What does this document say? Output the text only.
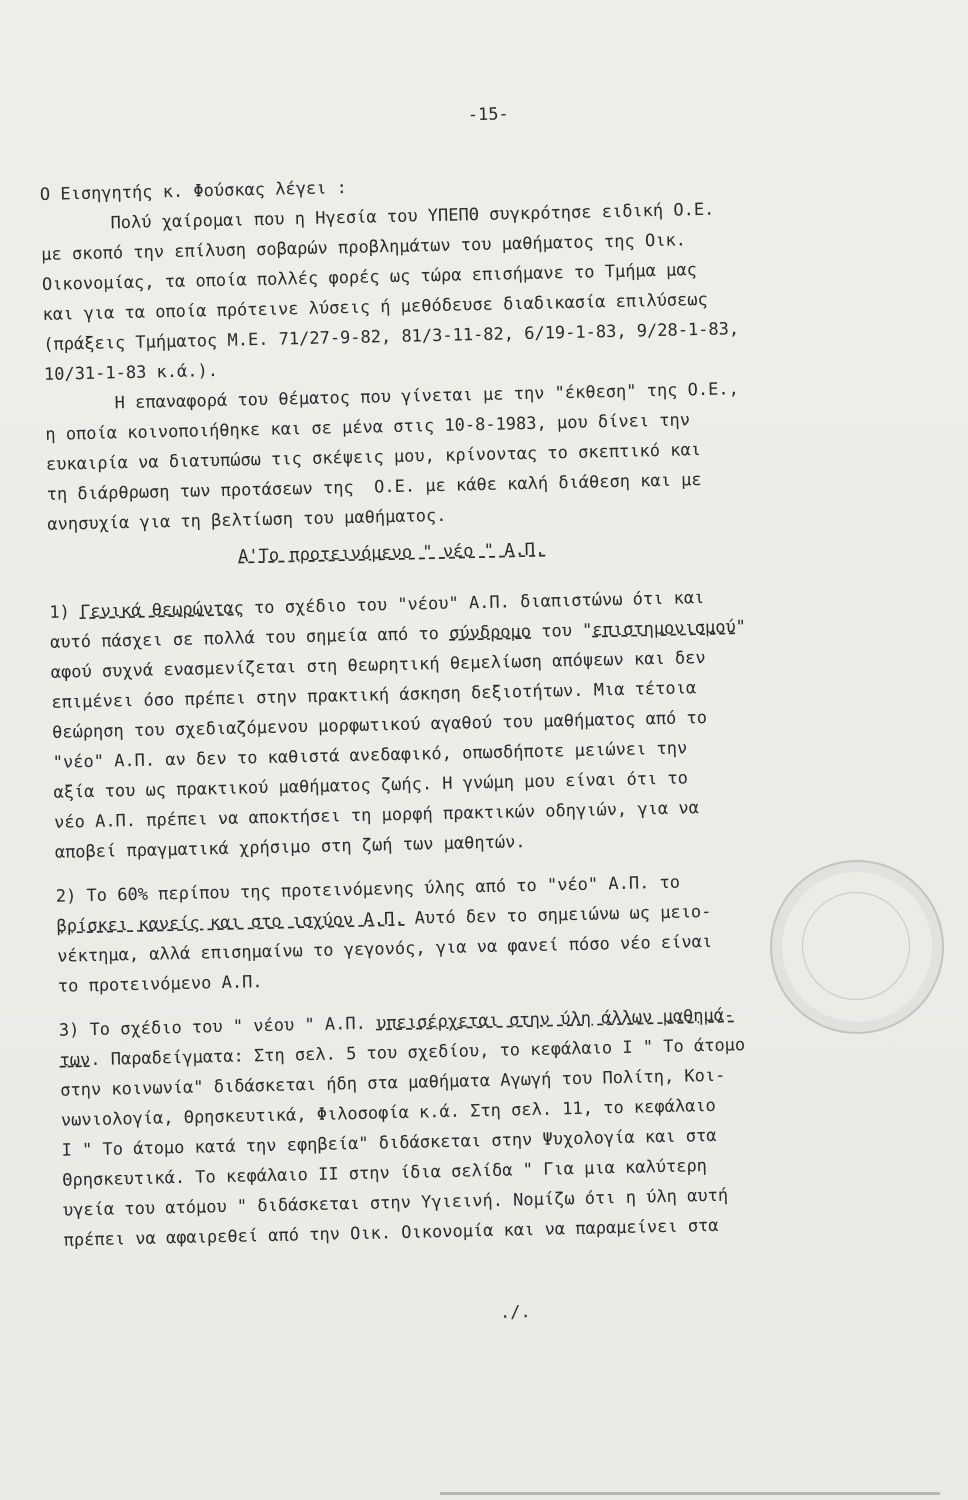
-15-

Ο Εισηγητής κ. Φούσκας λέγει :

Πολύ χαίρομαι που η Ηγεσία του ΥΠΕΠΘ συγκρότησε ειδική Ο.Ε.

με σκοπό την επίλυση σοβαρών προβλημάτων του μαθήματος της Οικ.

Οικονομίας, τα οποία πολλές φορές ως τώρα επισήμανε το Τμήμα μας

και για τα οποία πρότεινε λύσεις ή μεθόδευσε διαδικασία επιλύσεως

(πράξεις Τμήματος Μ.Ε. 71/27-9-82, 81/3-11-82, 6/19-1-83, 9/28-1-83,

10/31-1-83 κ.ά.).

Η επαναφορά του θέματος που γίνεται με την "έκθεση" της Ο.Ε.,

η οποία κοινοποιήθηκε και σε μένα στις 10-8-1983, μου δίνει την

ευκαιρία να διατυπώσω τις σκέψεις μου, κρίνοντας το σκεπτικό και

τη διάρθρωση των προτάσεων της  Ο.Ε. με κάθε καλή διάθεση και με

ανησυχία για τη βελτίωση του μαθήματος.

Α'Το προτεινόμενο " νέο " Α.Π.

1) Γενικά θεωρώντας το σχέδιο του "νέου" Α.Π. διαπιστώνω ότι και

αυτό πάσχει σε πολλά του σημεία από το σύνδρομο του "επιστημονισμού"

αφού συχνά ενασμενίζεται στη θεωρητική θεμελίωση απόψεων και δεν

επιμένει όσο πρέπει στην πρακτική άσκηση δεξιοτήτων. Μια τέτοια

θεώρηση του σχεδιαζόμενου μορφωτικού αγαθού του μαθήματος από το

"νέο" Α.Π. αν δεν το καθιστά ανεδαφικό, οπωσδήποτε μειώνει την

αξία του ως πρακτικού μαθήματος ζωής. Η γνώμη μου είναι ότι το

νέο Α.Π. πρέπει να αποκτήσει τη μορφή πρακτικών οδηγιών, για να

αποβεί πραγματικά χρήσιμο στη ζωή των μαθητών.

2) Το 60% περίπου της προτεινόμενης ύλης από το "νέο" Α.Π. το

βρίσκει κανείς και στο ισχύον Α.Π. Αυτό δεν το σημειώνω ως μειο-

νέκτημα, αλλά επισημαίνω το γεγονός, για να φανεί πόσο νέο είναι

το προτεινόμενο Α.Π.

3) Το σχέδιο του " νέου " Α.Π. υπεισέρχεται στην ύλη άλλων μαθημά-

των. Παραδείγματα: Στη σελ. 5 του σχεδίου, το κεφάλαιο Ι " Το άτομο

στην κοινωνία" διδάσκεται ήδη στα μαθήματα Αγωγή του Πολίτη, Κοι-

νωνιολογία, Θρησκευτικά, Φιλοσοφία κ.ά. Στη σελ. 11, το κεφάλαιο

Ι " Το άτομο κατά την εφηβεία" διδάσκεται στην Ψυχολογία και στα

Θρησκευτικά. Το κεφάλαιο ΙΙ στην ίδια σελίδα " Για μια καλύτερη

υγεία του ατόμου " διδάσκεται στην Υγιεινή. Νομίζω ότι η ύλη αυτή

πρέπει να αφαιρεθεί από την Οικ. Οικονομία και να παραμείνει στα

./.
